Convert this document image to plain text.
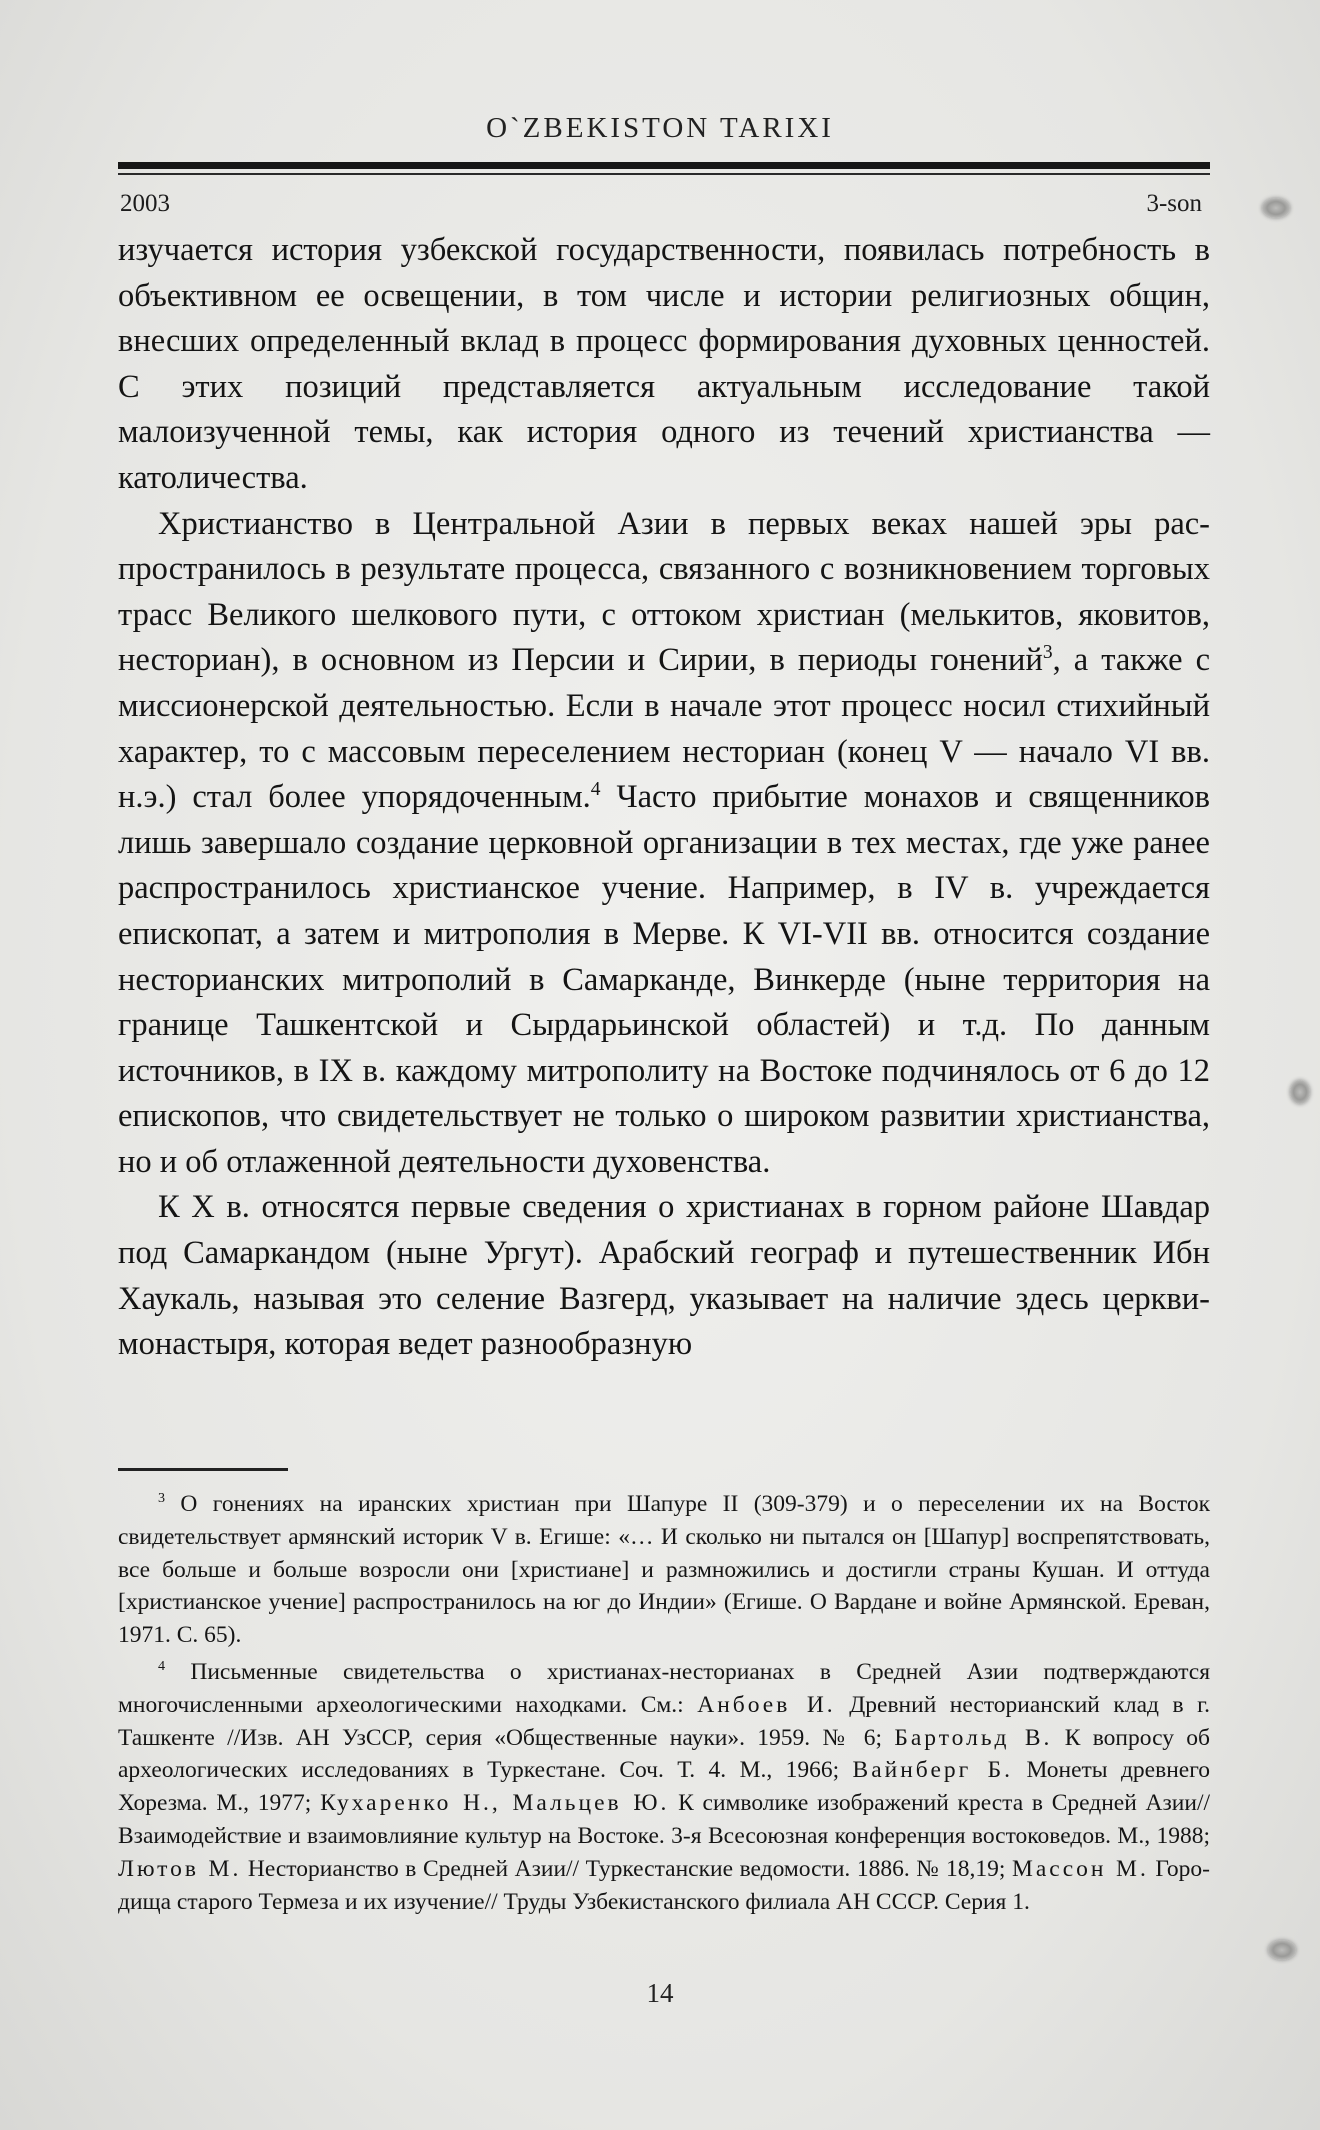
O`ZBEKISTON TARIXI
2003	3-son

изучается история узбекской государственности, появилась потребность в объективном ее освещении, в том числе и истории религиозных общин, внесших определенный вклад в процесс формирования духовных ценностей. С этих позиций представляется актуальным исследование такой малоизученной темы, как история одного из течений христианства — католичества.

Христианство в Центральной Азии в первых веках нашей эры распространилось в результате процесса, связанного с возникновением торговых трасс Великого шелкового пути, с оттоком христиан (мелькитов, яковитов, несториан), в основном из Персии и Сирии, в периоды гонений$^3$, а также с миссионерской деятельностью. Если в начале этот процесс носил стихийный характер, то с массовым переселением несториан (конец V — начало VI вв. н.э.) стал более упорядоченным.$^4$ Часто прибытие монахов и священников лишь завершало создание церковной организации в тех местах, где уже ранее распространилось христианское учение. Например, в IV в. учреждается епископат, а затем и митрополия в Мерве. К VI-VII вв. относится создание несторианских митрополий в Самарканде, Винкерде (ныне территория на границе Ташкентской и Сырдарьинской областей) и т.д. По данным источников, в IX в. каждому митрополиту на Востоке подчинялось от 6 до 12 епископов, что свидетельствует не только о широком развитии христианства, но и об отлаженной деятельности духовенства.

К X в. относятся первые сведения о христианах в горном районе Шавдар под Самаркандом (ныне Ургут). Арабский географ и путешественник Ибн Хаукаль, называя это селение Вазгерд, указывает на наличие здесь церкви-монастыря, которая ведет разнообразную

$^3$ О гонениях на иранских христиан при Шапуре II (309-379) и о переселении их на Восток свидетельствует армянский историк V в. Егише: «… И сколько ни пытался он [Шапур] воспрепятствовать, все больше и больше возросли они [христиане] и размножились и достигли страны Кушан. И оттуда [христианское учение] распространилось на юг до Индии» (Егише. О Вардане и войне Армянской. Ереван, 1971. С. 65).

$^4$ Письменные свидетельства о христианах-несторианах в Средней Азии подтверждаются многочисленными археологическими находками. См.: Анбоев И. Древний несторианский клад в г. Ташкенте //Изв. АН УзССР, серия «Общественные науки». 1959. № 6; Бартольд В. К вопросу об археологических исследованиях в Туркестане. Соч. Т. 4. М., 1966; Вайнберг Б. Монеты древнего Хорезма. М., 1977; Кухаренко Н., Мальцев Ю. К символике изображений креста в Средней Азии// Взаимодействие и взаимовлияние культур на Востоке. 3-я Всесоюзная конференция востоковедов. М., 1988; Лютов М. Несторианство в Средней Азии// Туркестанские ведомости. 1886. № 18,19; Массон М. Городища старого Термеза и их изучение// Труды Узбекистанского филиала АН СССР. Серия 1.

14
